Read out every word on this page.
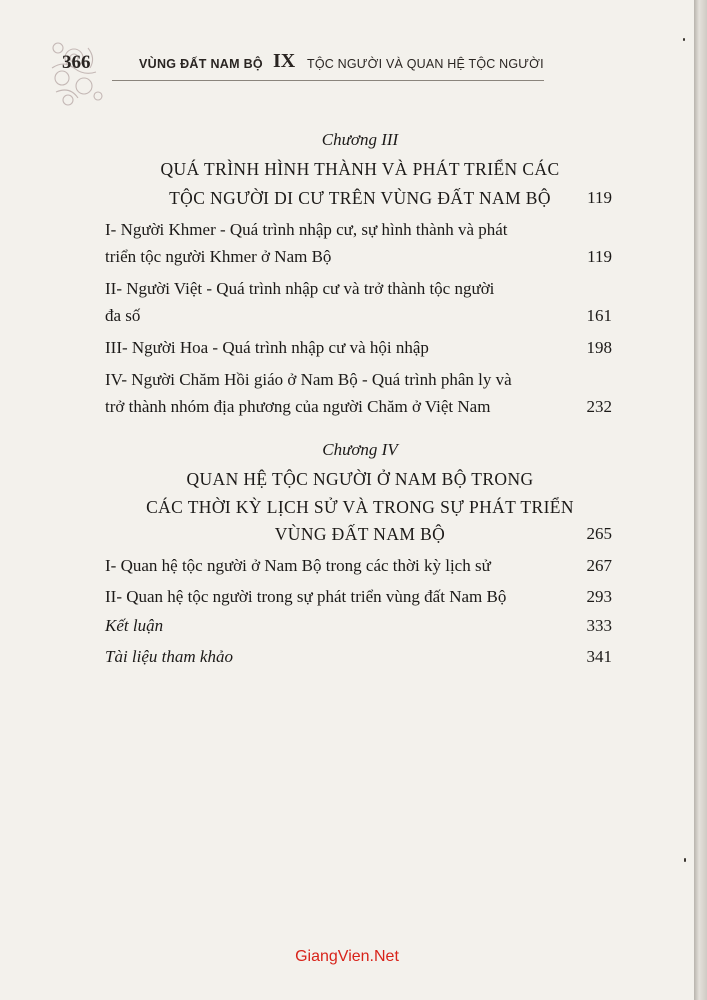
366	VÙNG ĐẤT NAM BỘ IX TỘC NGƯỜI VÀ QUAN HỆ TỘC NGƯỜI
Chương III
QUÁ TRÌNH HÌNH THÀNH VÀ PHÁT TRIỂN CÁC
TỘC NGƯỜI DI CƯ TRÊN VÙNG ĐẤT NAM BỘ	119
I- Người Khmer - Quá trình nhập cư, sự hình thành và phát
triển tộc người Khmer ở Nam Bộ	119
II- Người Việt - Quá trình nhập cư và trở thành tộc người
đa số	161
III- Người Hoa - Quá trình nhập cư và hội nhập	198
IV- Người Chăm Hồi giáo ở Nam Bộ - Quá trình phân ly và
trở thành nhóm địa phương của người Chăm ở Việt Nam	232
Chương IV
QUAN HỆ TỘC NGƯỜI Ở NAM BỘ TRONG
CÁC THỜI KỲ LỊCH SỬ VÀ TRONG SỰ PHÁT TRIỂN
VÙNG ĐẤT NAM BỘ	265
I- Quan hệ tộc người ở Nam Bộ trong các thời kỳ lịch sử	267
II- Quan hệ tộc người trong sự phát triển vùng đất Nam Bộ	293
Kết luận	333
Tài liệu tham khảo	341
GiangVien.Net
